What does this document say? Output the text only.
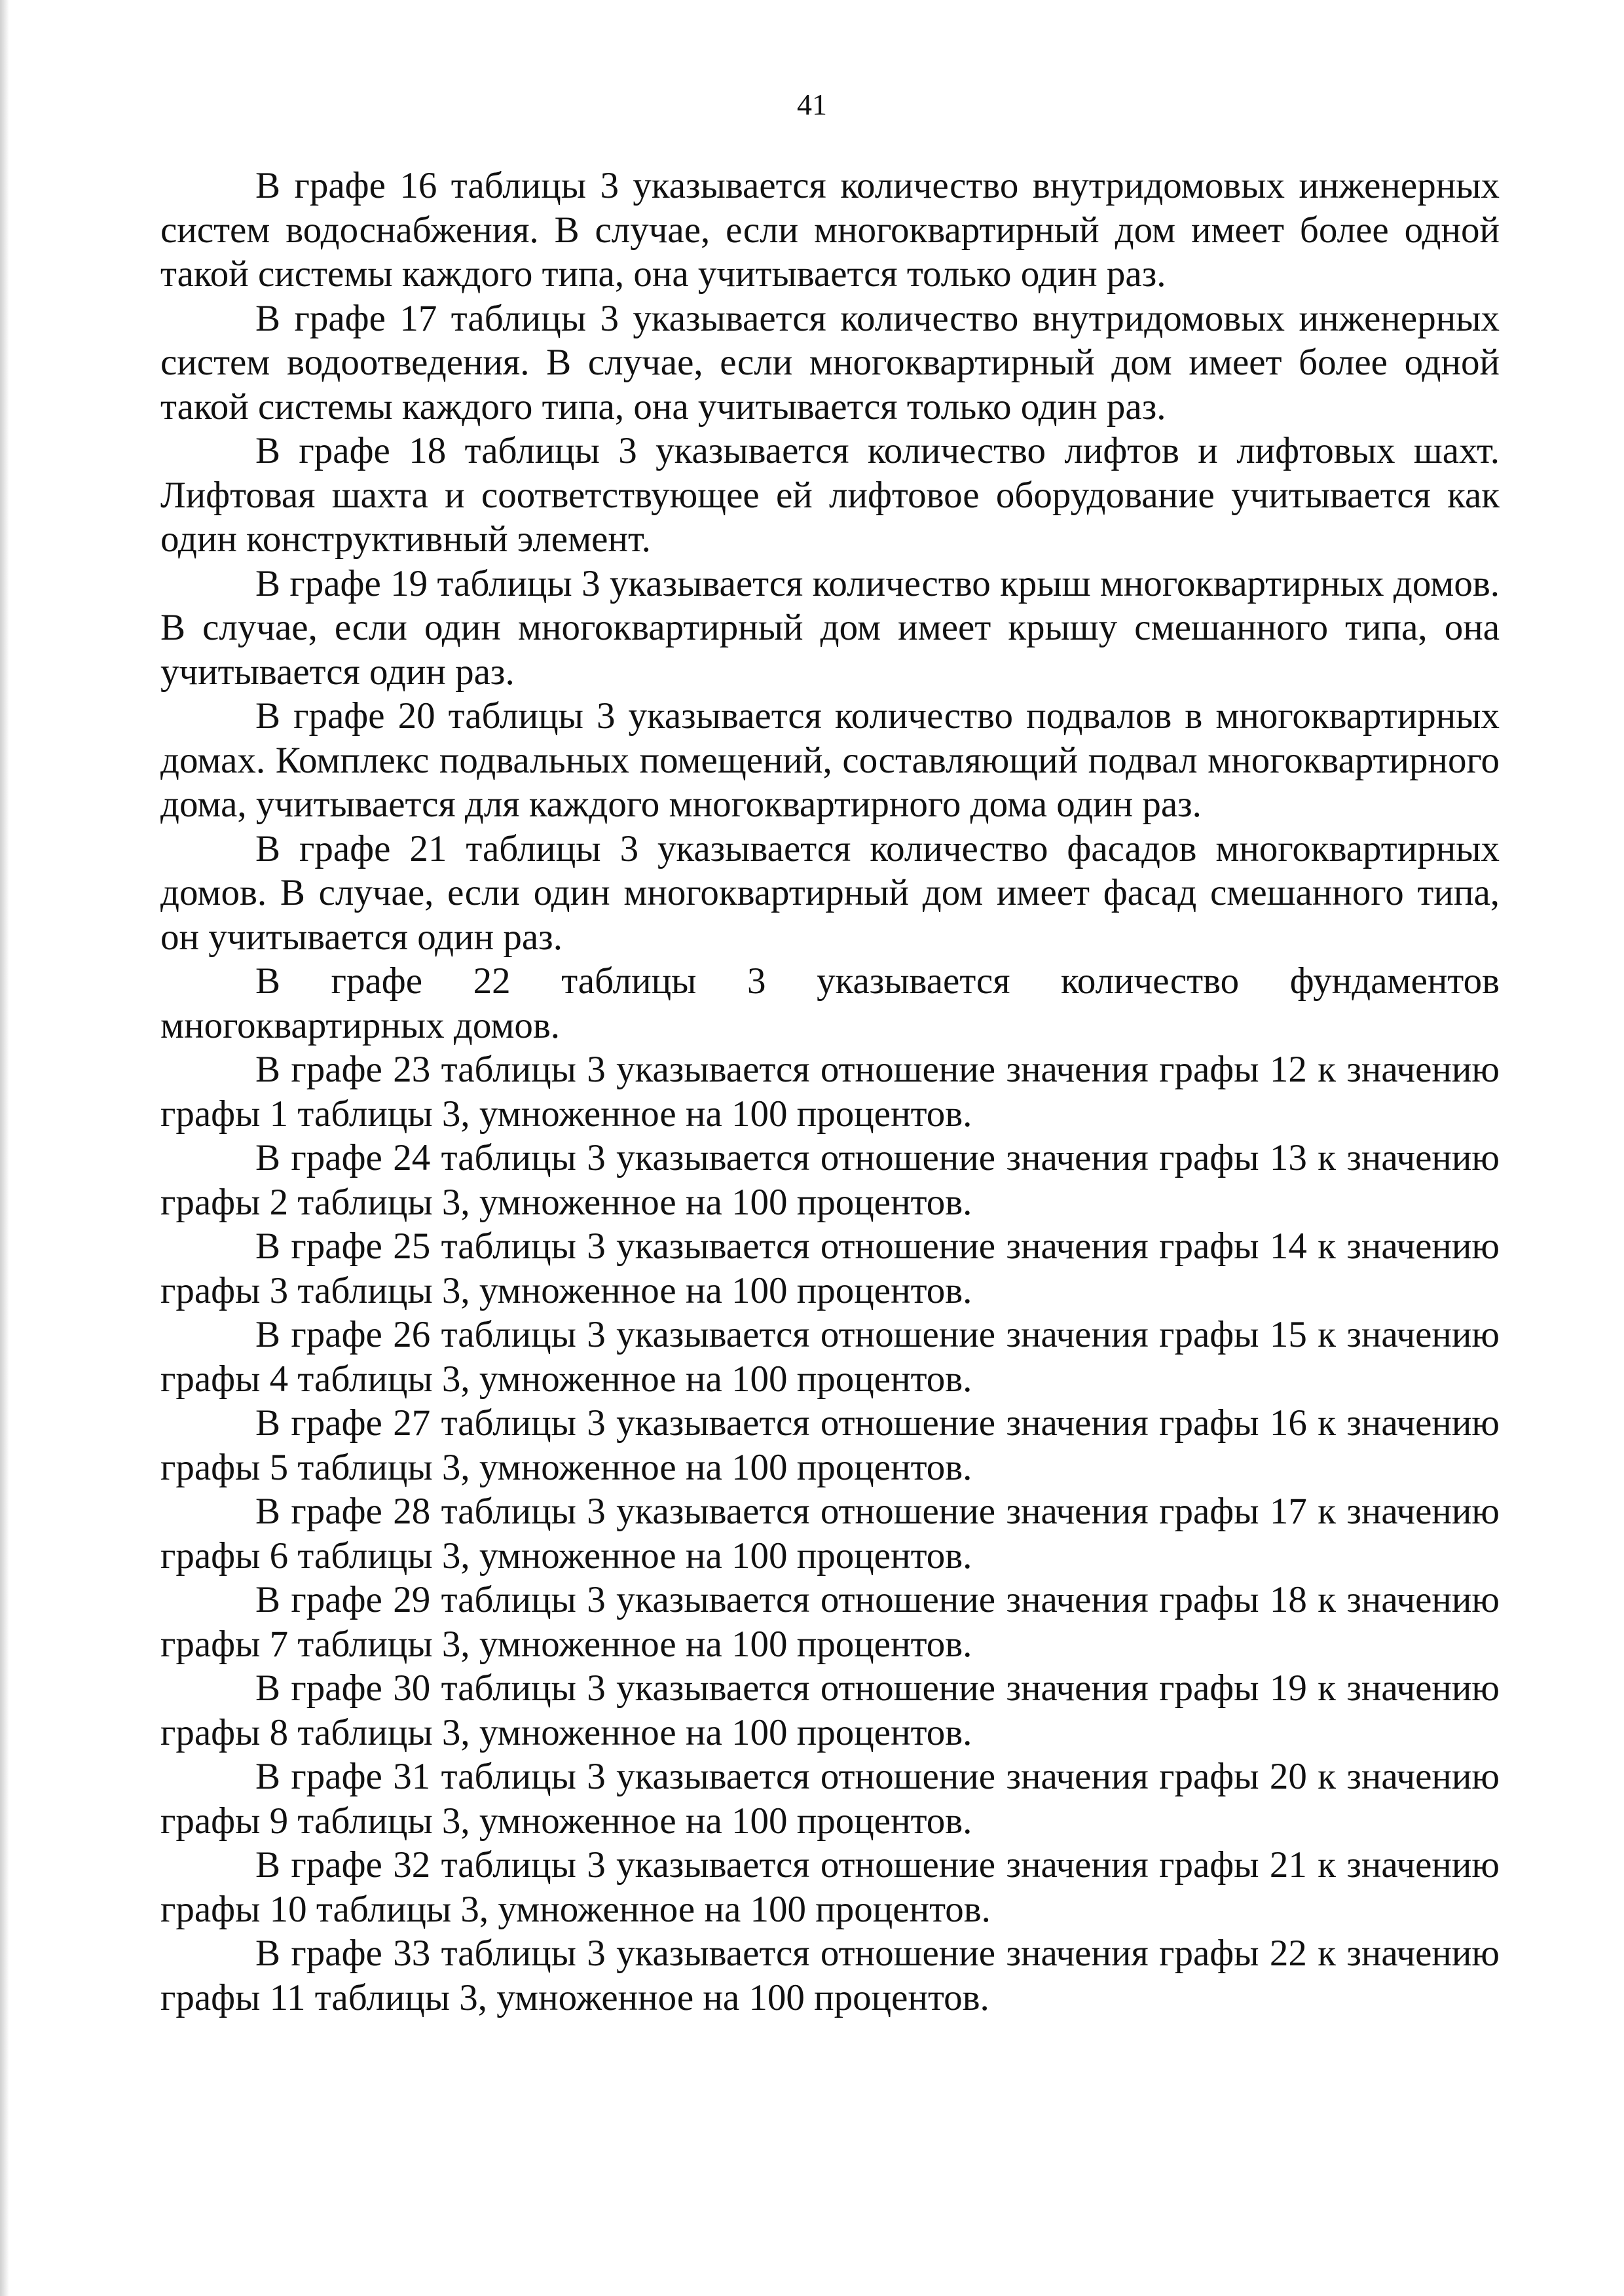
41

В графе 16 таблицы 3 указывается количество внутридомовых инженерных систем водоснабжения. В случае, если многоквартирный дом имеет более одной такой системы каждого типа, она учитывается только один раз.

В графе 17 таблицы 3 указывается количество внутридомовых инженерных систем водоотведения. В случае, если многоквартирный дом имеет более одной такой системы каждого типа, она учитывается только один раз.

В графе 18 таблицы 3 указывается количество лифтов и лифтовых шахт. Лифтовая шахта и соответствующее ей лифтовое оборудование учитывается как один конструктивный элемент.

В графе 19 таблицы 3 указывается количество крыш многоквартирных домов. В случае, если один многоквартирный дом имеет крышу смешанного типа, она учитывается один раз.

В графе 20 таблицы 3 указывается количество подвалов в многоквартирных домах. Комплекс подвальных помещений, составляющий подвал многоквартирного дома, учитывается для каждого многоквартирного дома один раз.

В графе 21 таблицы 3 указывается количество фасадов многоквартирных домов. В случае, если один многоквартирный дом имеет фасад смешанного типа, он учитывается один раз.

В графе 22 таблицы 3 указывается количество фундаментов многоквартирных домов.

В графе 23 таблицы 3 указывается отношение значения графы 12 к значению графы 1 таблицы 3, умноженное на 100 процентов.

В графе 24 таблицы 3 указывается отношение значения графы 13 к значению графы 2 таблицы 3, умноженное на 100 процентов.

В графе 25 таблицы 3 указывается отношение значения графы 14 к значению графы 3 таблицы 3, умноженное на 100 процентов.

В графе 26 таблицы 3 указывается отношение значения графы 15 к значению графы 4 таблицы 3, умноженное на 100 процентов.

В графе 27 таблицы 3 указывается отношение значения графы 16 к значению графы 5 таблицы 3, умноженное на 100 процентов.

В графе 28 таблицы 3 указывается отношение значения графы 17 к значению графы 6 таблицы 3, умноженное на 100 процентов.

В графе 29 таблицы 3 указывается отношение значения графы 18 к значению графы 7 таблицы 3, умноженное на 100 процентов.

В графе 30 таблицы 3 указывается отношение значения графы 19 к значению графы 8 таблицы 3, умноженное на 100 процентов.

В графе 31 таблицы 3 указывается отношение значения графы 20 к значению графы 9 таблицы 3, умноженное на 100 процентов.

В графе 32 таблицы 3 указывается отношение значения графы 21 к значению графы 10 таблицы 3, умноженное на 100 процентов.

В графе 33 таблицы 3 указывается отношение значения графы 22 к значению графы 11 таблицы 3, умноженное на 100 процентов.
